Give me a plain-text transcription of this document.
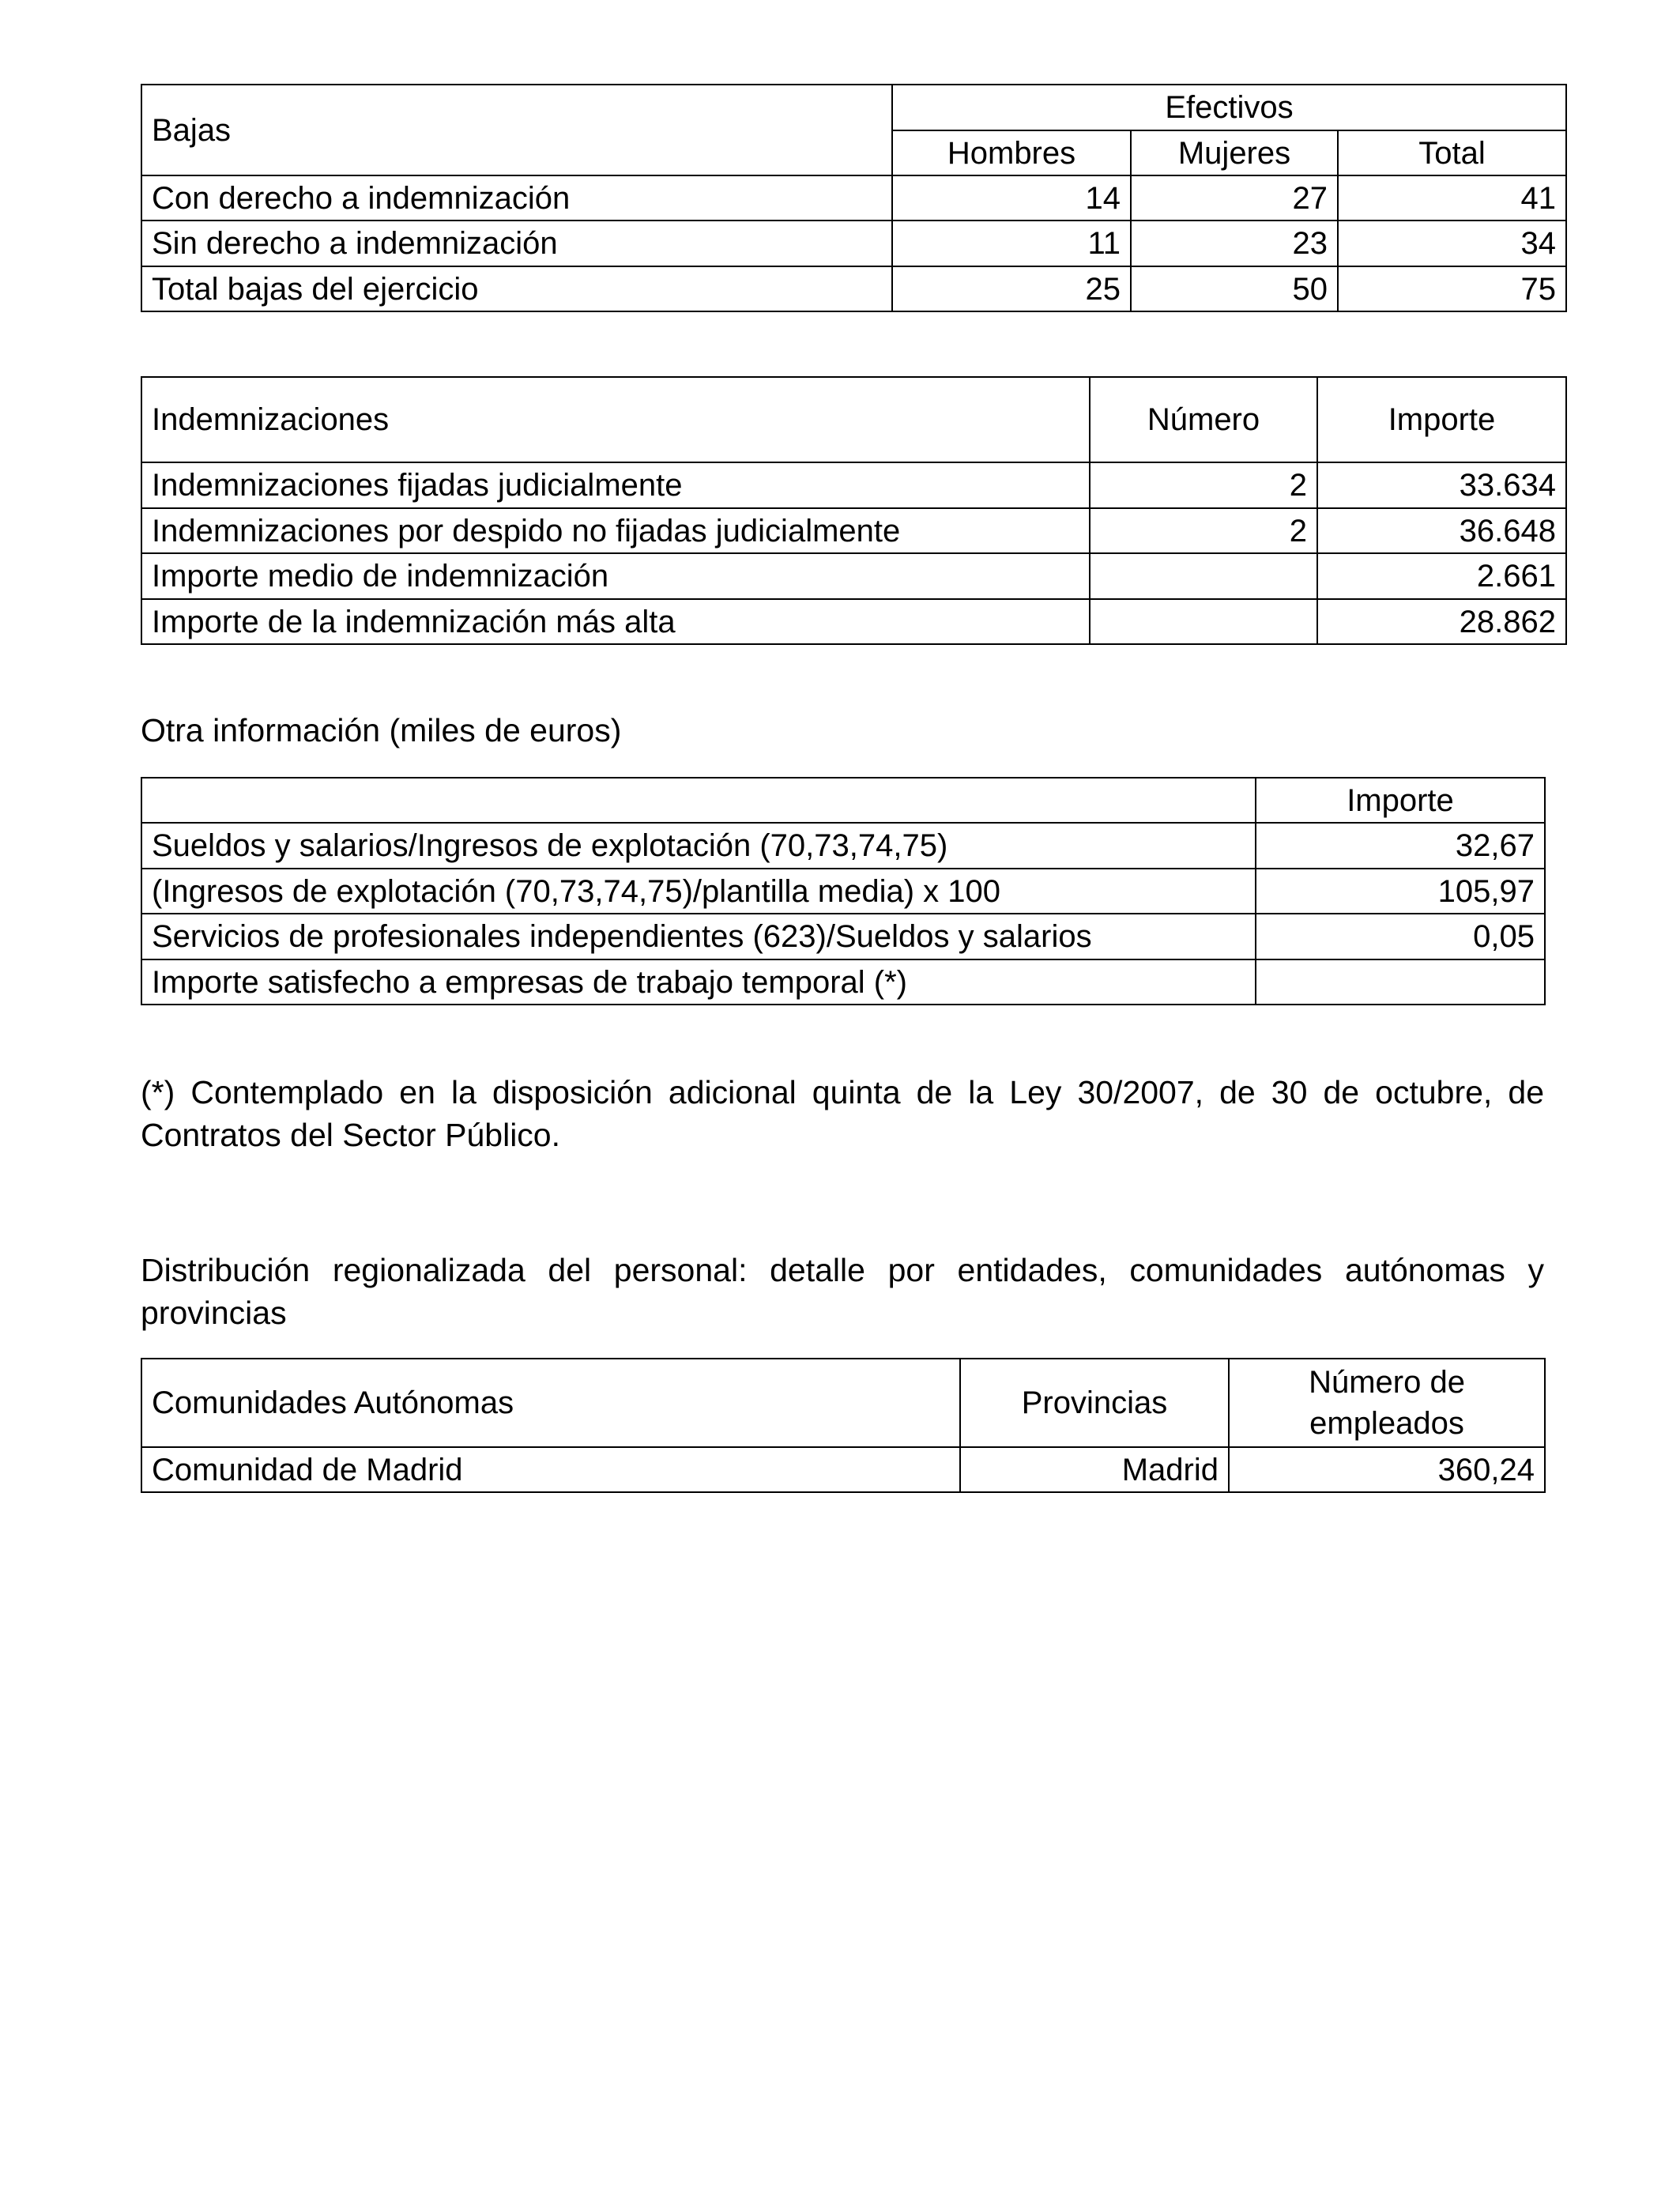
Bajas	Efectivos		
	Hombres	Mujeres	Total
Con derecho a indemnización	14	27	41
Sin derecho a indemnización	11	23	34
Total bajas del ejercicio	25	50	75
Indemnizaciones	Número	Importe
Indemnizaciones fijadas judicialmente	2	33.634
Indemnizaciones por despido no fijadas judicialmente	2	36.648
Importe medio de indemnización		2.661
Importe de la indemnización más alta		28.862

Otra información (miles de euros)

	Importe
Sueldos y salarios/Ingresos de explotación (70,73,74,75)	32,67
(Ingresos de explotación (70,73,74,75)/plantilla media) x 100	105,97
Servicios de profesionales independientes (623)/Sueldos y salarios	0,05
Importe satisfecho a empresas de trabajo temporal (*)	

(*) Contemplado en la disposición adicional quinta de la Ley 30/2007, de 30 de octubre, de Contratos del Sector Público.

Distribución regionalizada del personal: detalle por entidades, comunidades autónomas y provincias

Comunidades Autónomas	Provincias	Número de empleados
Comunidad de Madrid	Madrid	360,24
